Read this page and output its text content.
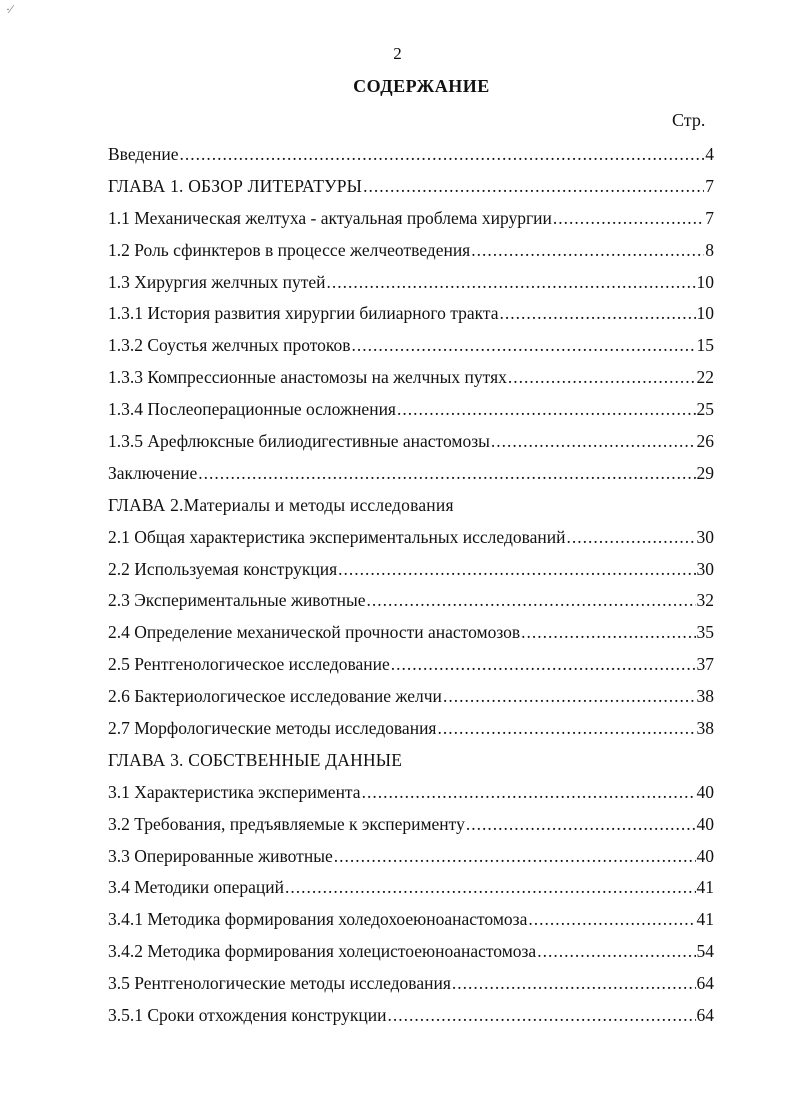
·∕
2
СОДЕРЖАНИЕ
Стр.
Введение .....	4
ГЛАВА 1. ОБЗОР ЛИТЕРАТУРЫ .....	7
1.1 Механическая желтуха - актуальная проблема хирургии .....	7
1.2 Роль сфинктеров в процессе желчеотведения .....	8
1.3 Хирургия желчных путей .....	10
1.3.1 История развития хирургии билиарного тракта .....	10
1.3.2 Соустья желчных протоков .....	15
1.3.3 Компрессионные анастомозы на желчных путях .....	22
1.3.4 Послеоперационные осложнения .....	25
1.3.5 Арефлюксные билиодигестивные анастомозы .....	26
Заключение .....	29
ГЛАВА 2.Материалы и методы исследования
2.1 Общая характеристика экспериментальных исследований .....	30
2.2 Используемая конструкция .....	30
2.3 Экспериментальные животные .....	32
2.4 Определение механической прочности анастомозов .....	35
2.5 Рентгенологическое исследование .....	37
2.6 Бактериологическое исследование желчи .....	38
2.7 Морфологические методы исследования .....	38
ГЛАВА 3. СОБСТВЕННЫЕ ДАННЫЕ
3.1 Характеристика эксперимента .....	40
3.2 Требования, предъявляемые к эксперименту .....	40
3.3 Оперированные животные .....	40
3.4 Методики операций .....	41
3.4.1 Методика формирования холедохоеюноанастомоза .....	41
3.4.2 Методика формирования холецистоеюноанастомоза .....	54
3.5 Рентгенологические методы исследования .....	64
3.5.1 Сроки отхождения конструкции .....	64
